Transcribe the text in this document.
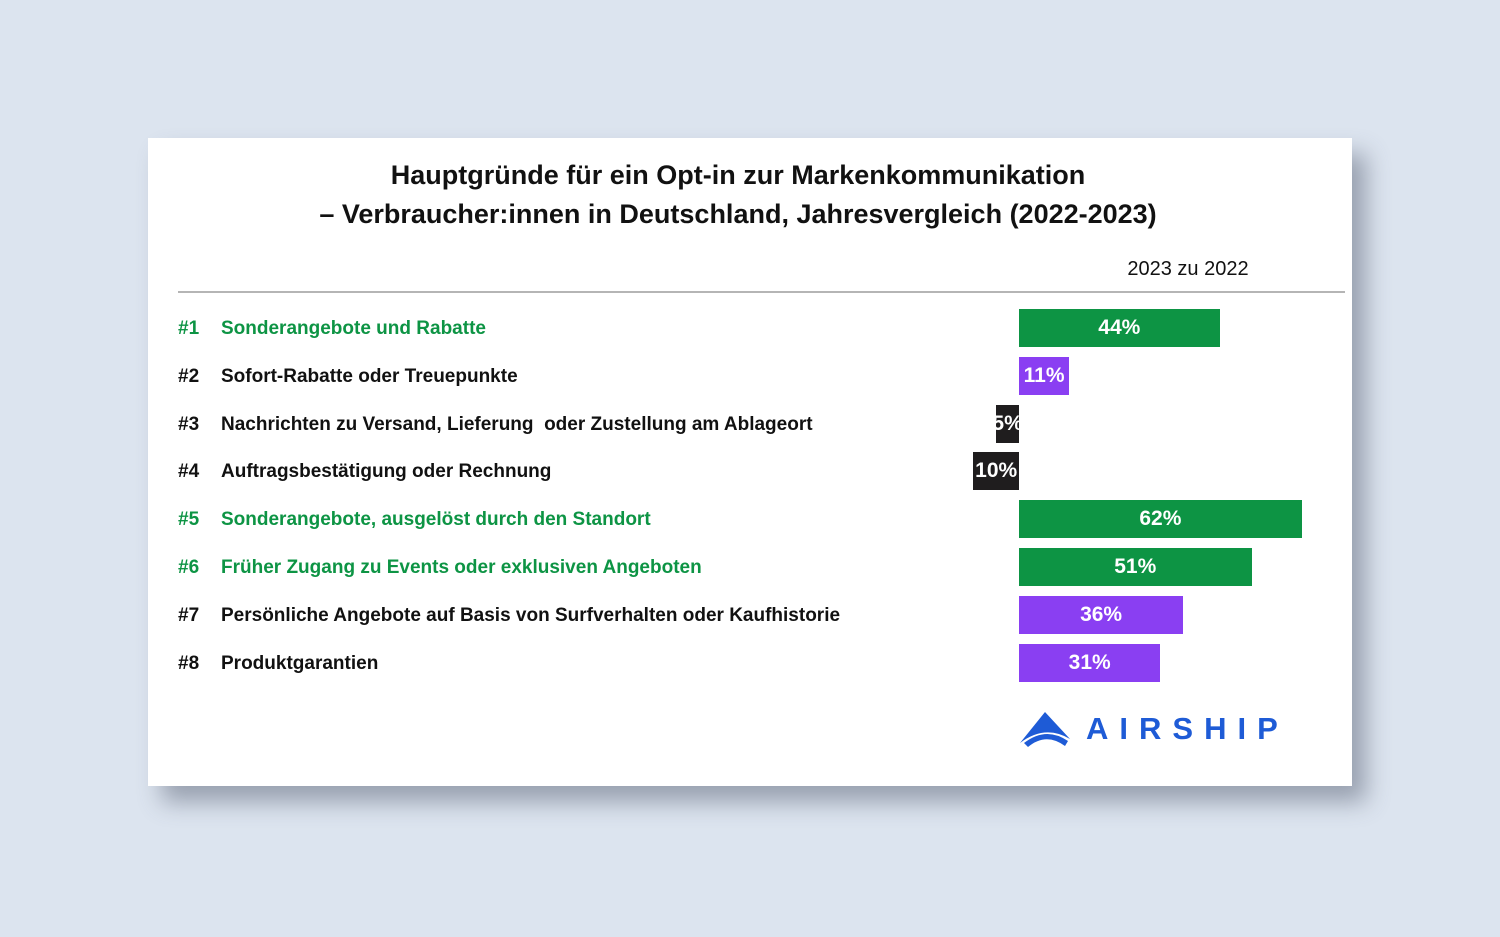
Hauptgründe für ein Opt-in zur Markenkommunikation
– Verbraucher:innen in Deutschland, Jahresvergleich (2022-2023)
2023 zu 2022
#1 Sonderangebote und Rabatte	44%
#2 Sofort-Rabatte oder Treuepunkte	11%
#3 Nachrichten zu Versand, Lieferung  oder Zustellung am Ablageort	5%
#4 Auftragsbestätigung oder Rechnung	10%
#5 Sonderangebote, ausgelöst durch den Standort	62%
#6 Früher Zugang zu Events oder exklusiven Angeboten	51%
#7 Persönliche Angebote auf Basis von Surfverhalten oder Kaufhistorie	36%
#8 Produktgarantien	31%
AIRSHIP
